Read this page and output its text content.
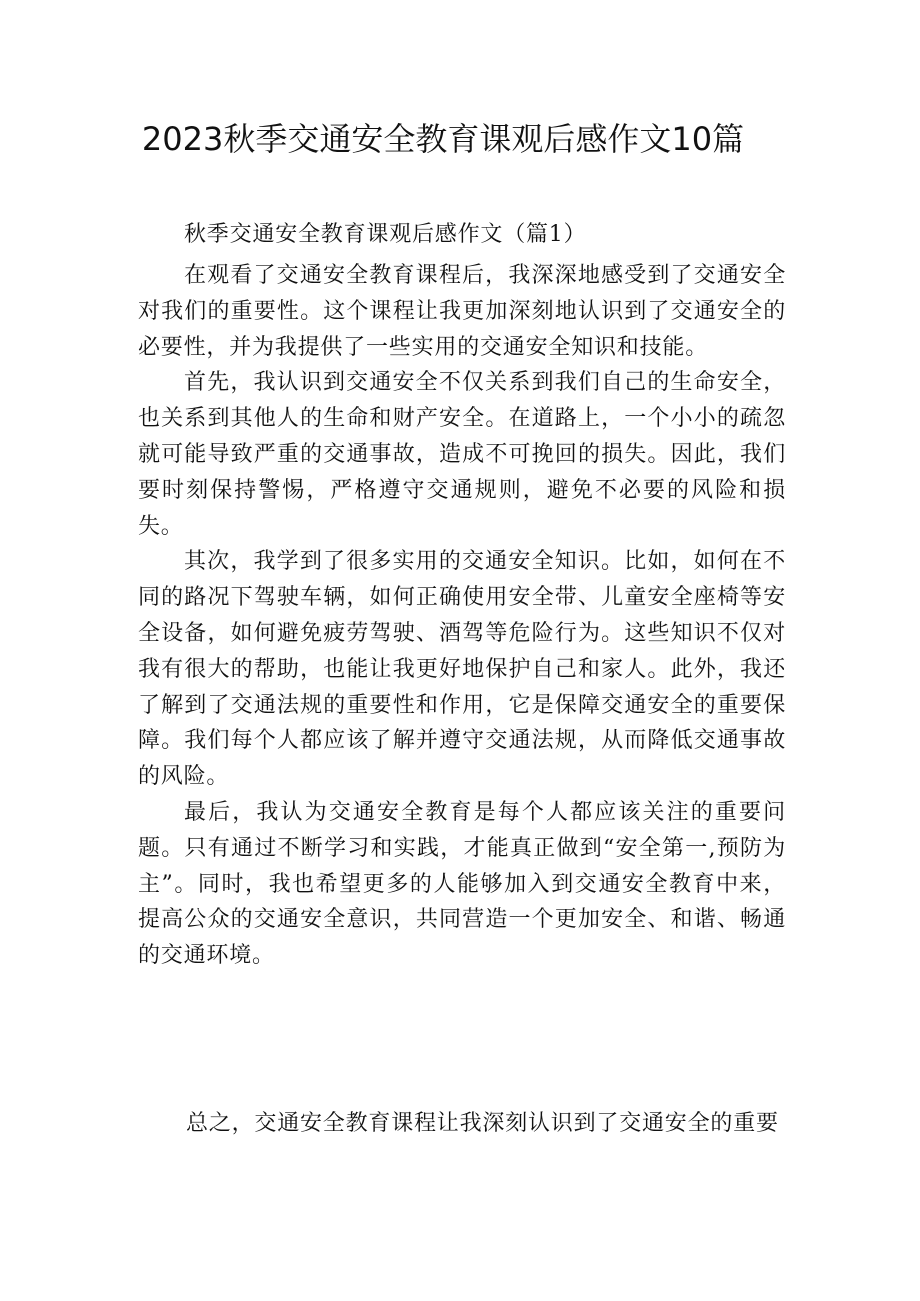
2023秋季交通安全教育课观后感作文10篇

秋季交通安全教育课观后感作文（篇1）

在观看了交通安全教育课程后，我深深地感受到了交通安全对我们的重要性。这个课程让我更加深刻地认识到了交通安全的必要性，并为我提供了一些实用的交通安全知识和技能。

首先，我认识到交通安全不仅关系到我们自己的生命安全，也关系到其他人的生命和财产安全。在道路上，一个小小的疏忽就可能导致严重的交通事故，造成不可挽回的损失。因此，我们要时刻保持警惕，严格遵守交通规则，避免不必要的风险和损失。

其次，我学到了很多实用的交通安全知识。比如，如何在不同的路况下驾驶车辆，如何正确使用安全带、儿童安全座椅等安全设备，如何避免疲劳驾驶、酒驾等危险行为。这些知识不仅对我有很大的帮助，也能让我更好地保护自己和家人。此外，我还了解到了交通法规的重要性和作用，它是保障交通安全的重要保障。我们每个人都应该了解并遵守交通法规，从而降低交通事故的风险。

最后，我认为交通安全教育是每个人都应该关注的重要问题。只有通过不断学习和实践，才能真正做到“安全第一,预防为主”。同时，我也希望更多的人能够加入到交通安全教育中来，提高公众的交通安全意识，共同营造一个更加安全、和谐、畅通的交通环境。

总之，交通安全教育课程让我深刻认识到了交通安全的重要
